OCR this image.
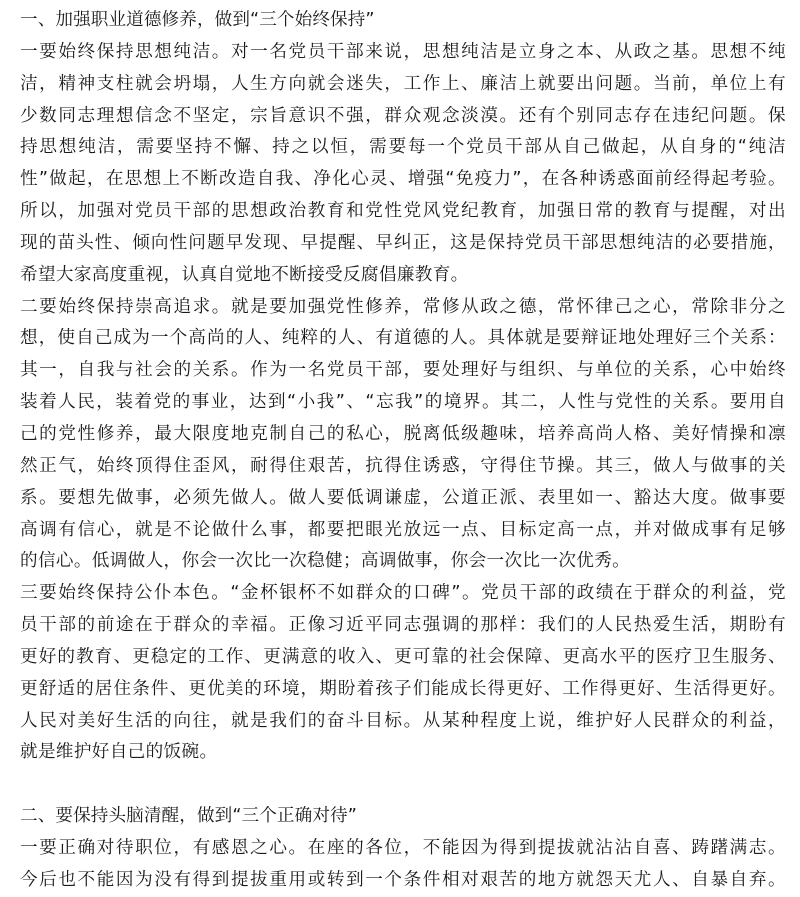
一、加强职业道德修养，做到“三个始终保持”
一要始终保持思想纯洁。对一名党员干部来说，思想纯洁是立身之本、从政之基。思想不纯
洁，精神支柱就会坍塌，人生方向就会迷失，工作上、廉洁上就要出问题。当前，单位上有
少数同志理想信念不坚定，宗旨意识不强，群众观念淡漠。还有个别同志存在违纪问题。保
持思想纯洁，需要坚持不懈、持之以恒，需要每一个党员干部从自己做起，从自身的“纯洁
性”做起，在思想上不断改造自我、净化心灵、增强“免疫力”，在各种诱惑面前经得起考验。
所以，加强对党员干部的思想政治教育和党性党风党纪教育，加强日常的教育与提醒，对出
现的苗头性、倾向性问题早发现、早提醒、早纠正，这是保持党员干部思想纯洁的必要措施，
希望大家高度重视，认真自觉地不断接受反腐倡廉教育。
二要始终保持崇高追求。就是要加强党性修养，常修从政之德，常怀律己之心，常除非分之
想，使自己成为一个高尚的人、纯粹的人、有道德的人。具体就是要辩证地处理好三个关系：
其一，自我与社会的关系。作为一名党员干部，要处理好与组织、与单位的关系，心中始终
装着人民，装着党的事业，达到“小我”、“忘我”的境界。其二，人性与党性的关系。要用自
己的党性修养，最大限度地克制自己的私心，脱离低级趣味，培养高尚人格、美好情操和凛
然正气，始终顶得住歪风，耐得住艰苦，抗得住诱惑，守得住节操。其三，做人与做事的关
系。要想先做事，必须先做人。做人要低调谦虚，公道正派、表里如一、豁达大度。做事要
高调有信心，就是不论做什么事，都要把眼光放远一点、目标定高一点，并对做成事有足够
的信心。低调做人，你会一次比一次稳健；高调做事，你会一次比一次优秀。
三要始终保持公仆本色。“金杯银杯不如群众的口碑”。党员干部的政绩在于群众的利益，党
员干部的前途在于群众的幸福。正像习近平同志强调的那样：我们的人民热爱生活，期盼有
更好的教育、更稳定的工作、更满意的收入、更可靠的社会保障、更高水平的医疗卫生服务、
更舒适的居住条件、更优美的环境，期盼着孩子们能成长得更好、工作得更好、生活得更好。
人民对美好生活的向往，就是我们的奋斗目标。从某种程度上说，维护好人民群众的利益，
就是维护好自己的饭碗。
二、要保持头脑清醒，做到“三个正确对待”
一要正确对待职位，有感恩之心。在座的各位，不能因为得到提拔就沾沾自喜、踌躇满志。
今后也不能因为没有得到提拔重用或转到一个条件相对艰苦的地方就怨天尤人、自暴自弃。
